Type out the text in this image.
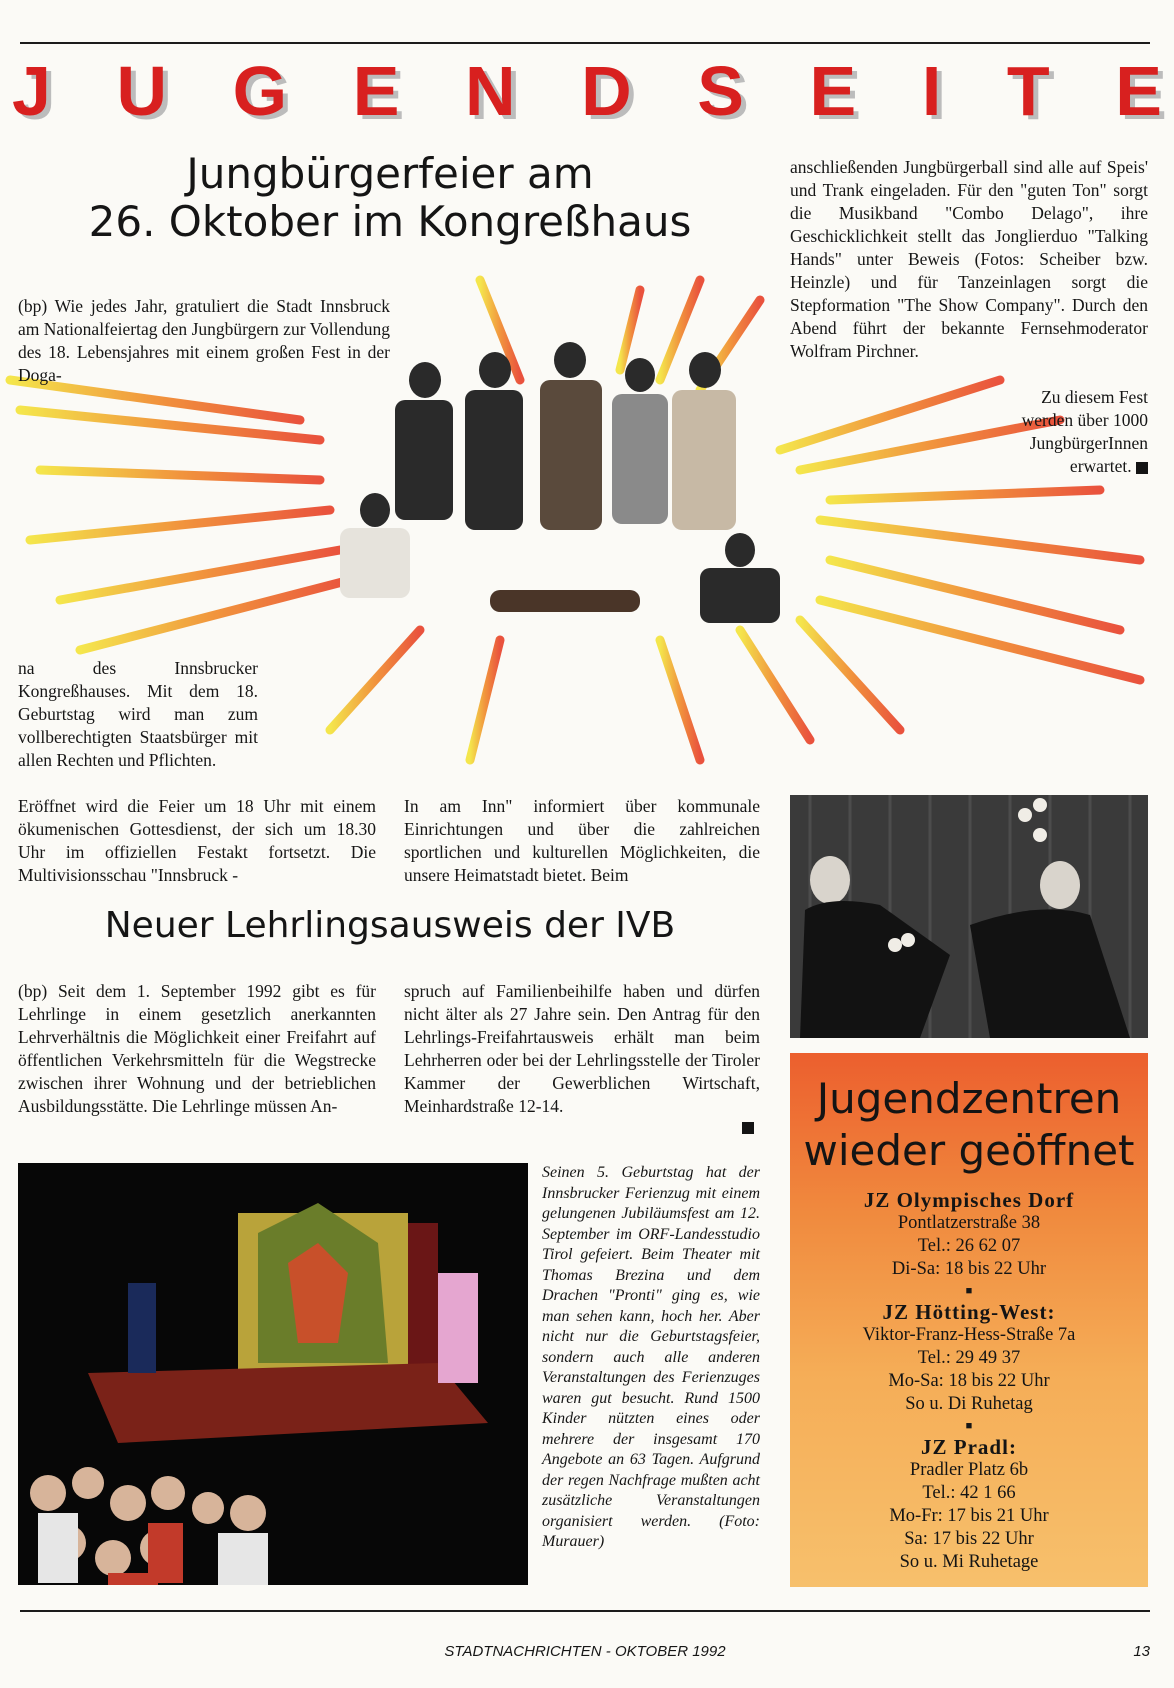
J U G E N D S E I T E
Jungbürgerfeier am
26. Oktober im Kongreßhaus

(bp) Wie jedes Jahr, gratuliert die Stadt Innsbruck am Nationalfeiertag den Jungbürgern zur Vollendung des 18. Lebensjahres mit einem großen Fest in der Doga-

na des Innsbrucker Kongreßhauses. Mit dem 18. Geburtstag wird man zum vollberechtigten Staatsbürger mit allen Rechten und Pflichten.

Eröffnet wird die Feier um 18 Uhr mit einem ökumenischen Gottesdienst, der sich um 18.30 Uhr im offiziellen Festakt fortsetzt. Die Multivisionsschau "Innsbruck -

In am Inn" informiert über kommunale Einrichtungen und über die zahlreichen sportlichen und kulturellen Möglichkeiten, die unsere Heimatstadt bietet. Beim

anschließenden Jungbürgerball sind alle auf Speis' und Trank eingeladen. Für den "guten Ton" sorgt die Musikband "Combo Delago", ihre Geschicklichkeit stellt das Jonglierduo "Talking Hands" unter Beweis (Fotos: Scheiber bzw. Heinzle) und für Tanzeinlagen sorgt die Stepformation "The Show Company". Durch den Abend führt der bekannte Fernsehmoderator Wolfram Pirchner.

Zu diesem Fest werden über 1000 JungbürgerInnen erwartet.

Neuer Lehrlingsausweis der IVB

(bp) Seit dem 1. September 1992 gibt es für Lehrlinge in einem gesetzlich anerkannten Lehrverhältnis die Möglichkeit einer Freifahrt auf öffentlichen Verkehrsmitteln für die Wegstrecke zwischen ihrer Wohnung und der betrieblichen Ausbildungsstätte. Die Lehrlinge müssen An-

spruch auf Familienbeihilfe haben und dürfen nicht älter als 27 Jahre sein. Den Antrag für den Lehrlings-Freifahrtausweis erhält man beim Lehrherren oder bei der Lehrlingsstelle der Tiroler Kammer der Gewerblichen Wirtschaft, Meinhardstraße 12-14.

Seinen 5. Geburtstag hat der Innsbrucker Ferienzug mit einem gelungenen Jubiläumsfest am 12. September im ORF-Landesstudio Tirol gefeiert. Beim Theater mit Thomas Brezina und dem Drachen "Pronti" ging es, wie man sehen kann, hoch her. Aber nicht nur die Geburtstagsfeier, sondern auch alle anderen Veranstaltungen des Ferienzuges waren gut besucht. Rund 1500 Kinder nützten eines oder mehrere der insgesamt 170 Angebote an 63 Tagen. Aufgrund der regen Nachfrage mußten acht zusätzliche Veranstaltungen organisiert werden. (Foto: Murauer)

Jugendzentren
wieder geöffnet
JZ Olympisches Dorf
Pontlatzerstraße 38
Tel.: 26 62 07
Di-Sa: 18 bis 22 Uhr
■
JZ Hötting-West:
Viktor-Franz-Hess-Straße 7a
Tel.: 29 49 37
Mo-Sa: 18 bis 22 Uhr
So u. Di Ruhetag
■
JZ Pradl:
Pradler Platz 6b
Tel.: 42 1 66
Mo-Fr: 17 bis 21 Uhr
Sa: 17 bis 22 Uhr
So u. Mi Ruhetage
STADTNACHRICHTEN - OKTOBER 1992	13
